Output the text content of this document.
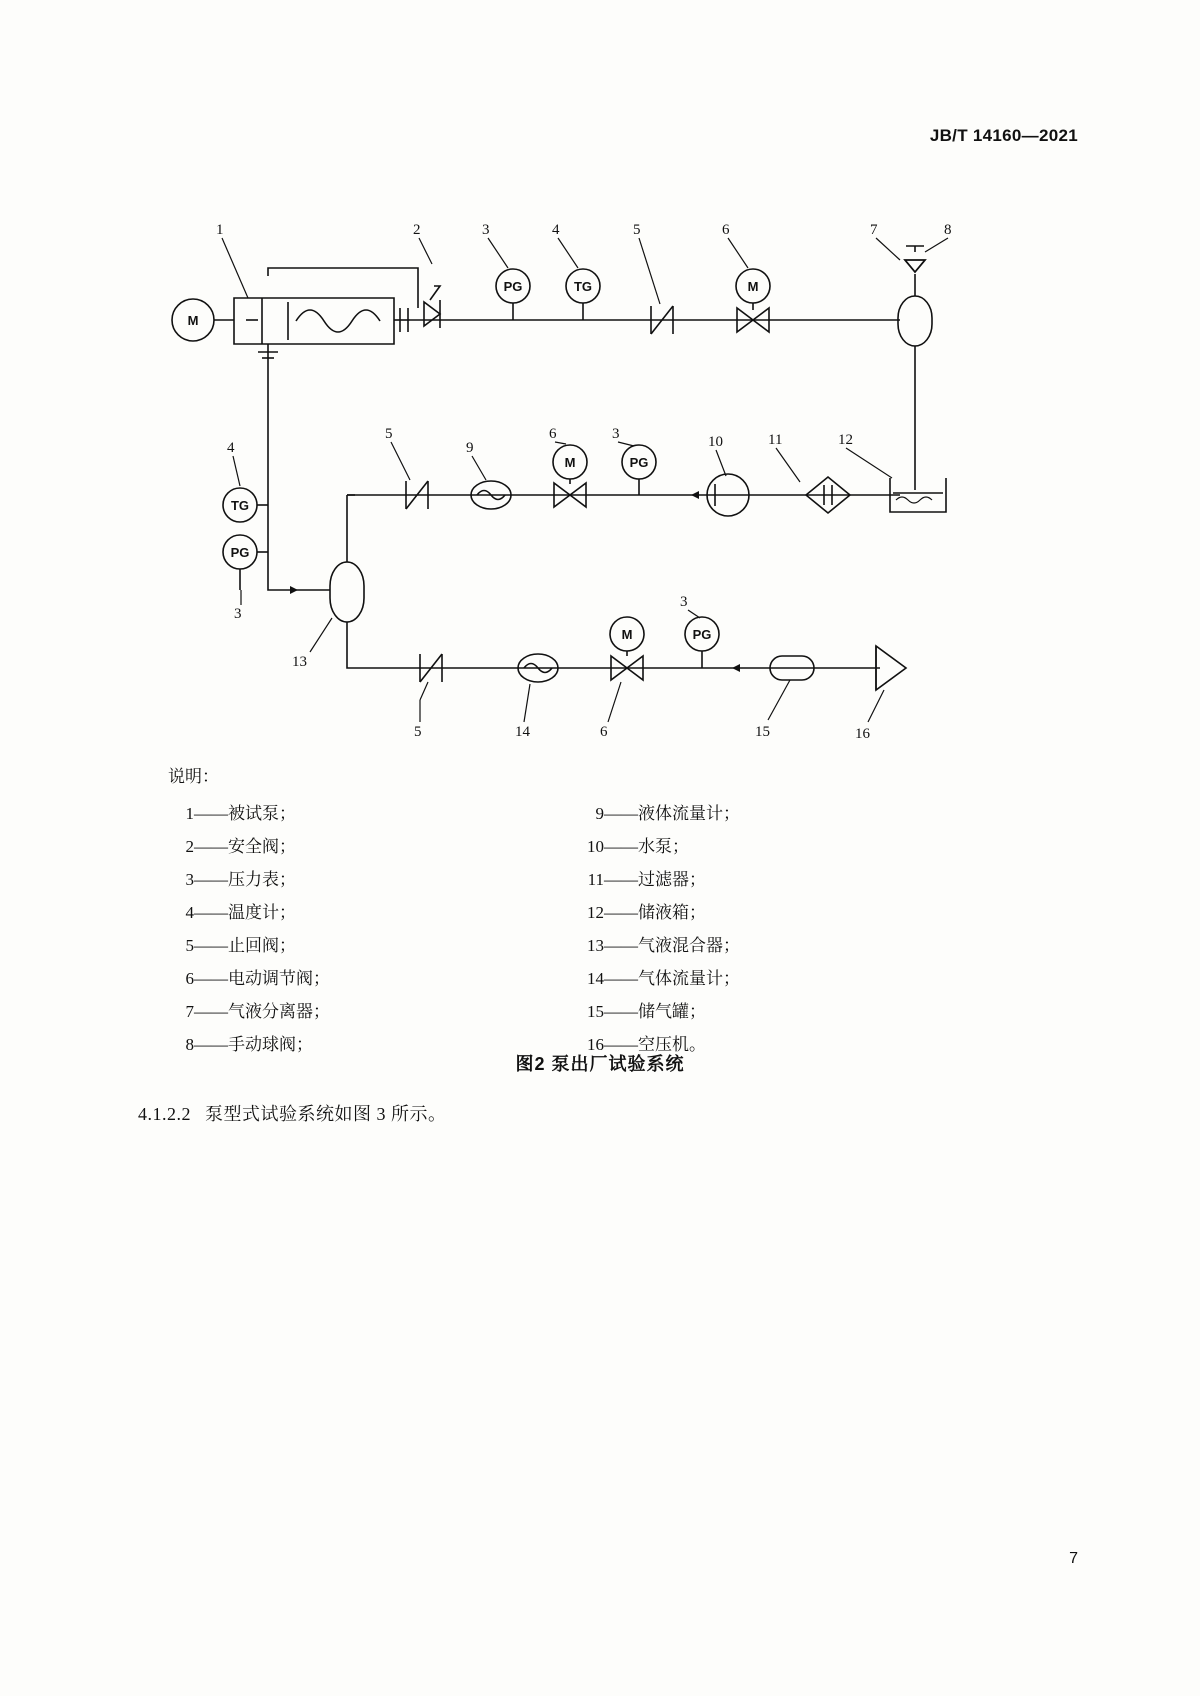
JB/T 14160—2021
M
PG	TG	M
TG
PG
M	PG
M	PG
1	2	3	4	5	6	7	8
4
5
9
6	3	10	11	12
3
13
3
5	14	6	15	16
说明：
1——被试泵；
2——安全阀；
3——压力表；
4——温度计；
5——止回阀；
6——电动调节阀；
7——气液分离器；
8——手动球阀；
9——液体流量计；
10——水泵；
11——过滤器；
12——储液箱；
13——气液混合器；
14——气体流量计；
15——储气罐；
16——空压机。
图2 泵出厂试验系统
4.1.2.2 泵型式试验系统如图 3 所示。
7
